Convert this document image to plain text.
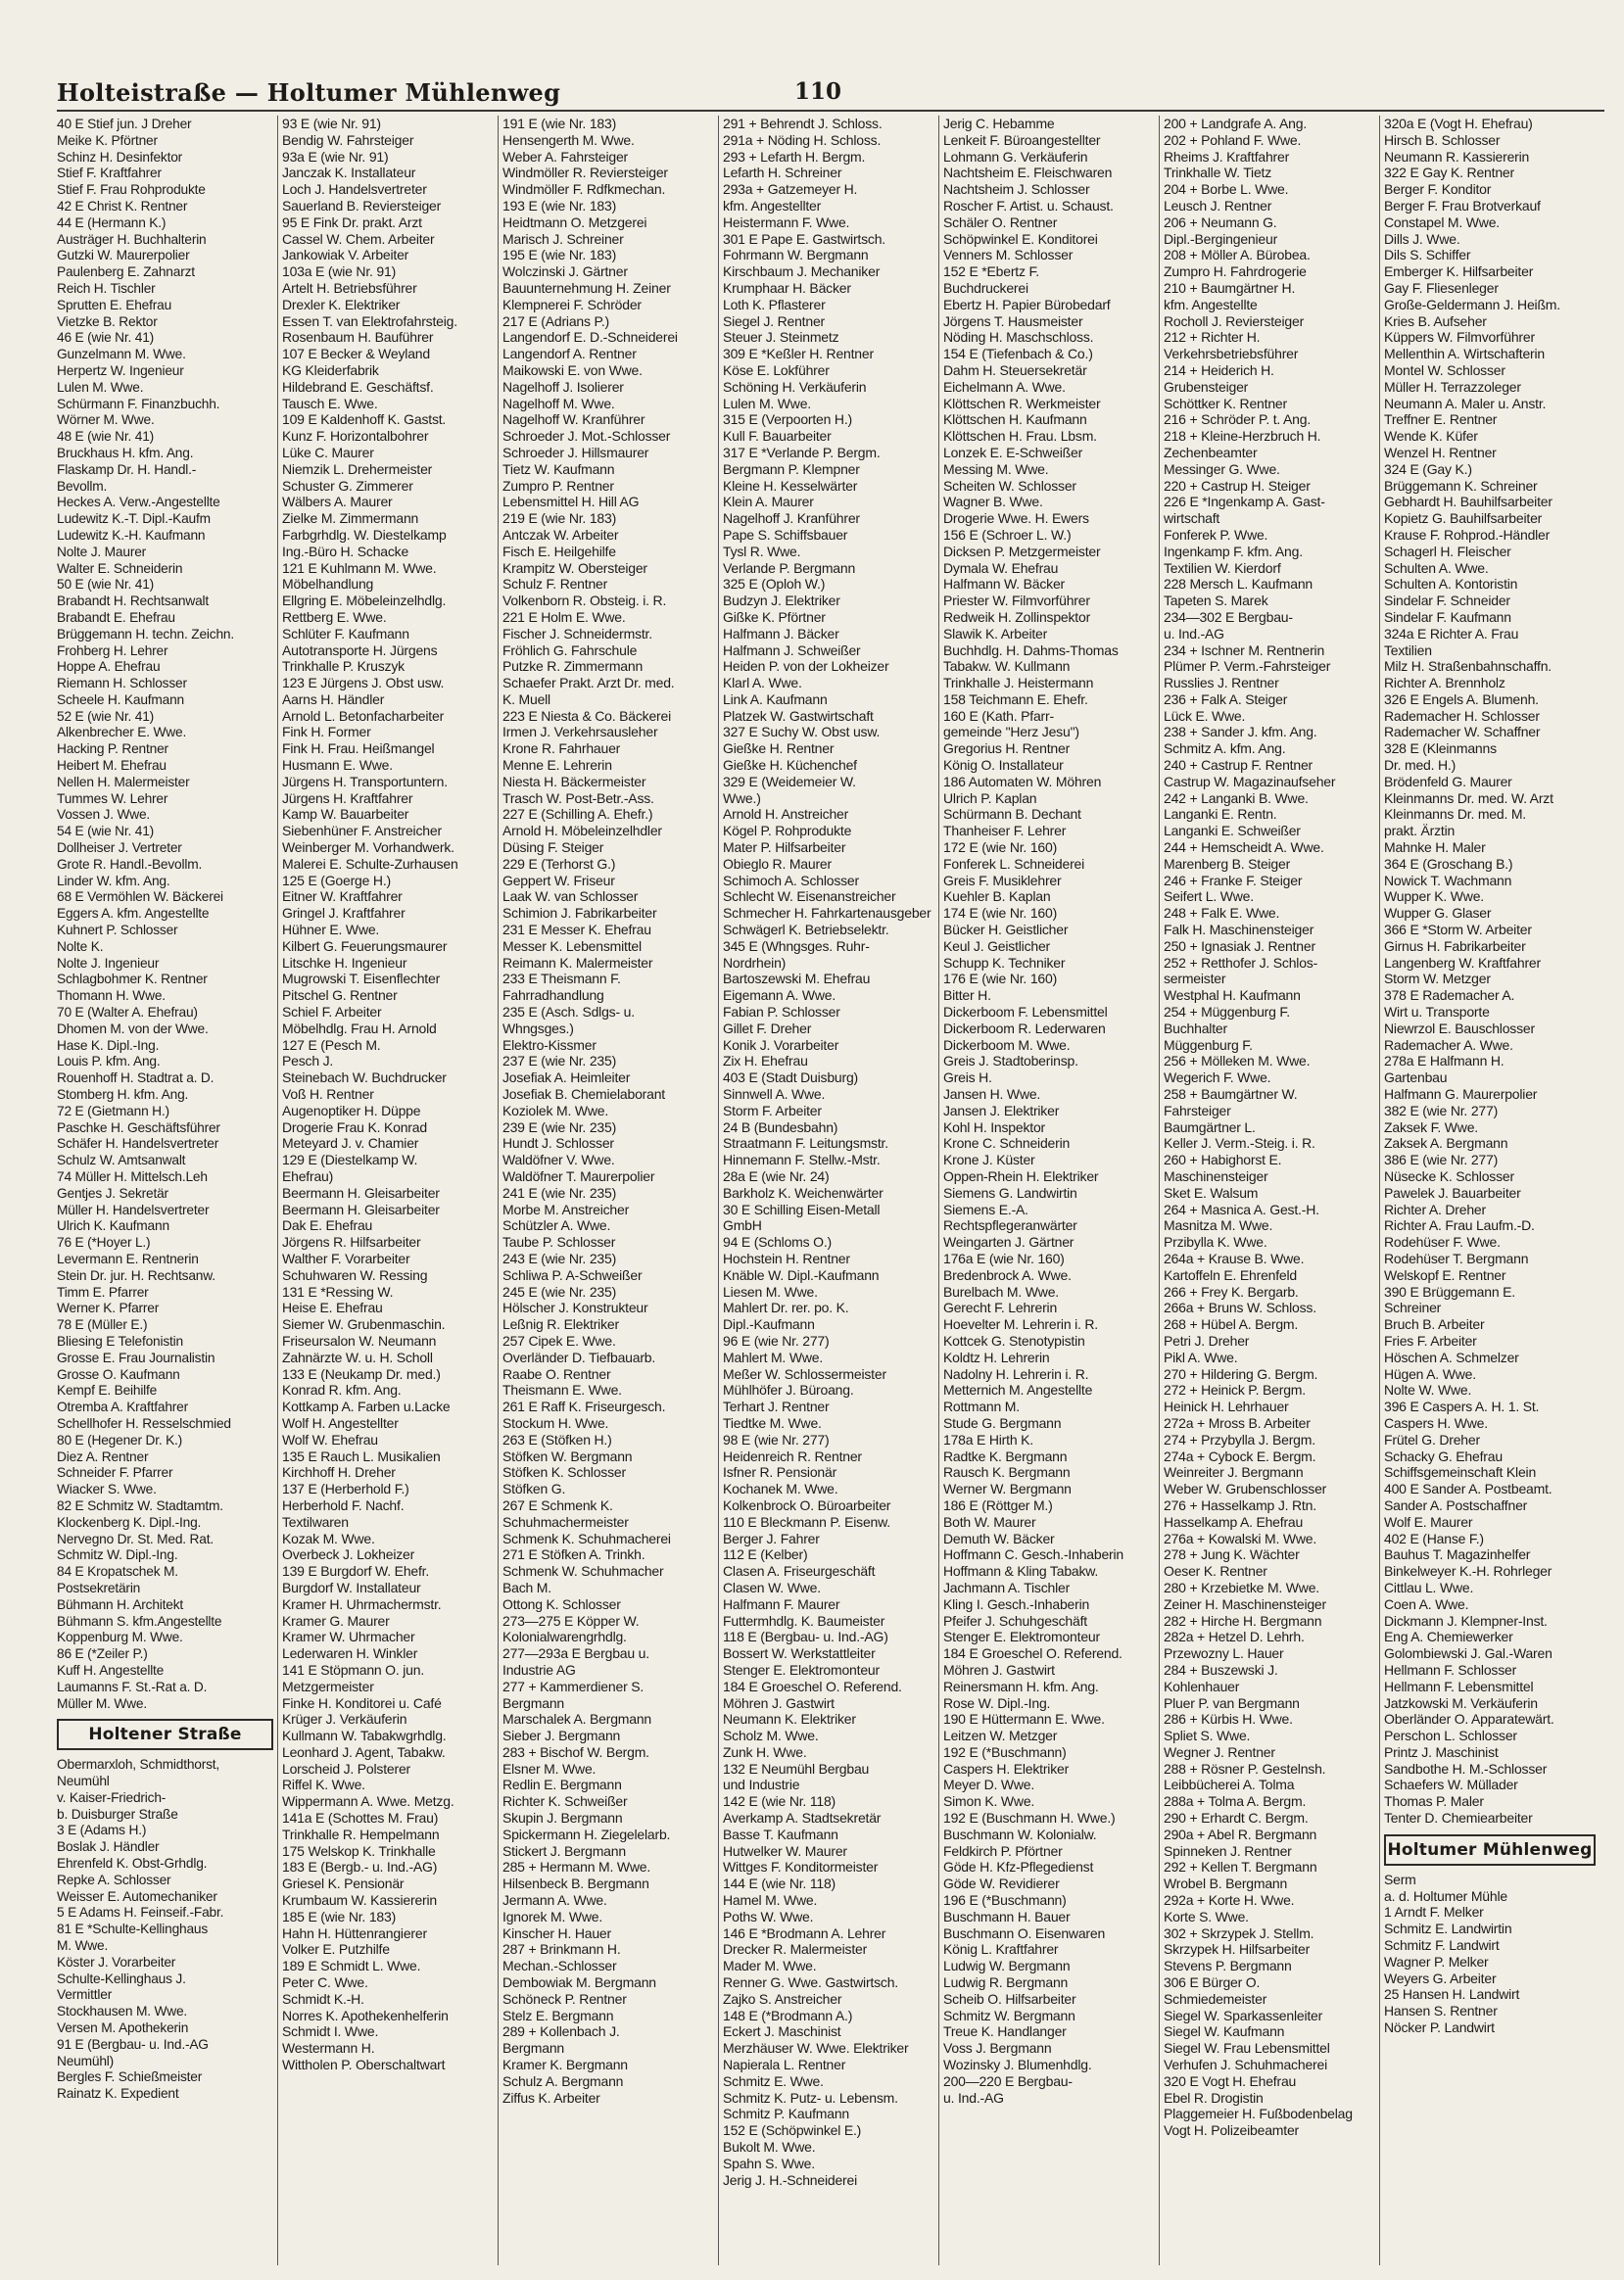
Holteistraße — Holtumer Mühlenweg	110
40 E Stief jun. J Dreher
Meike K. Pförtner
Schinz H. Desinfektor
Stief F. Kraftfahrer
Stief F. Frau Rohprodukte
42 E Christ K. Rentner
44 E (Hermann K.)
Austräger H. Buchhalterin
Gutzki W. Maurerpolier
Paulenberg E. Zahnarzt
Reich H. Tischler
Sprutten E. Ehefrau
Vietzke B. Rektor
46 E (wie Nr. 41)
Gunzelmann M. Wwe.
Herpertz W. Ingenieur
Lulen M. Wwe.
Schürmann F. Finanzbuchh.
Wörner M. Wwe.
48 E (wie Nr. 41)
Bruckhaus H. kfm. Ang.
Flaskamp Dr. H. Handl.-
Bevollm.
Heckes A. Verw.-Angestellte
Ludewitz K.-T. Dipl.-Kaufm
Ludewitz K.-H. Kaufmann
Nolte J. Maurer
Walter E. Schneiderin
50 E (wie Nr. 41)
Brabandt H. Rechtsanwalt
Brabandt E. Ehefrau
Brüggemann H. techn. Zeichn.
Frohberg H. Lehrer
Hoppe A. Ehefrau
Riemann H. Schlosser
Scheele H. Kaufmann
52 E (wie Nr. 41)
Alkenbrecher E. Wwe.
Hacking P. Rentner
Heibert M. Ehefrau
Nellen H. Malermeister
Tummes W. Lehrer
Vossen J. Wwe.
54 E (wie Nr. 41)
Dollheiser J. Vertreter
Grote R. Handl.-Bevollm.
Linder W. kfm. Ang.
68 E Vermöhlen W. Bäckerei
Eggers A. kfm. Angestellte
Kuhnert P. Schlosser
Nolte K.
Nolte J. Ingenieur
Schlagbohmer K. Rentner
Thomann H. Wwe.
70 E (Walter A. Ehefrau)
Dhomen M. von der Wwe.
Hase K. Dipl.-Ing.
Louis P. kfm. Ang.
Rouenhoff H. Stadtrat a. D.
Stomberg H. kfm. Ang.
72 E (Gietmann H.)
Paschke H. Geschäftsführer
Schäfer H. Handelsvertreter
Schulz W. Amtsanwalt
74 Müller H. Mittelsch.Leh
Gentjes J. Sekretär
Müller H. Handelsvertreter
Ulrich K. Kaufmann
76 E (*Hoyer L.)
Levermann E. Rentnerin
Stein Dr. jur. H. Rechtsanw.
Timm E. Pfarrer
Werner K. Pfarrer
78 E (Müller E.)
Bliesing E Telefonistin
Grosse E. Frau Journalistin
Grosse O. Kaufmann
Kempf E. Beihilfe
Otremba A. Kraftfahrer
Schellhofer H. Resselschmied
80 E (Hegener Dr. K.)
Diez A. Rentner
Schneider F. Pfarrer
Wiacker S. Wwe.
82 E Schmitz W. Stadtamtm.
Klockenberg K. Dipl.-Ing.
Nervegno Dr. St. Med. Rat.
Schmitz W. Dipl.-Ing.
84 E Kropatschek M.
Postsekretärin
Bühmann H. Architekt
Bühmann S. kfm.Angestellte
Koppenburg M. Wwe.
86 E (*Zeiler P.)
Kuff H. Angestellte
Laumanns F. St.-Rat a. D.
Müller M. Wwe.
Holtener Straße
Obermarxloh, Schmidthorst,
Neumühl
v. Kaiser-Friedrich-
b. Duisburger Straße
3 E (Adams H.)
Boslak J. Händler
Ehrenfeld K. Obst-Grhdlg.
Repke A. Schlosser
Weisser E. Automechaniker
5 E Adams H. Feinseif.-Fabr.
81 E *Schulte-Kellinghaus
M. Wwe.
Köster J. Vorarbeiter
Schulte-Kellinghaus J.
Vermittler
Stockhausen M. Wwe.
Versen M. Apothekerin
91 E (Bergbau- u. Ind.-AG
Neumühl)
Bergles F. Schießmeister
Rainatz K. Expedient
93 E (wie Nr. 91)
Bendig W. Fahrsteiger
93a E (wie Nr. 91)
Janczak K. Installateur
Loch J. Handelsvertreter
Sauerland B. Reviersteiger
95 E Fink Dr. prakt. Arzt
Cassel W. Chem. Arbeiter
Jankowiak V. Arbeiter
103a E (wie Nr. 91)
Artelt H. Betriebsführer
Drexler K. Elektriker
Essen T. van Elektrofahrsteig.
Rosenbaum H. Bauführer
107 E Becker & Weyland
KG Kleiderfabrik
Hildebrand E. Geschäftsf.
Tausch E. Wwe.
109 E Kaldenhoff K. Gastst.
Kunz F. Horizontalbohrer
Lüke C. Maurer
Niemzik L. Drehermeister
Schuster G. Zimmerer
Wälbers A. Maurer
Zielke M. Zimmermann
Farbgrhdlg. W. Diestelkamp
Ing.-Büro H. Schacke
121 E Kuhlmann M. Wwe.
Möbelhandlung
Ellgring E. Möbeleinzelhdlg.
Rettberg E. Wwe.
Schlüter F. Kaufmann
Autotransporte H. Jürgens
Trinkhalle P. Kruszyk
123 E Jürgens J. Obst usw.
Aarns H. Händler
Arnold L. Betonfacharbeiter
Fink H. Former
Fink H. Frau. Heißmangel
Husmann E. Wwe.
Jürgens H. Transportuntern.
Jürgens H. Kraftfahrer
Kamp W. Bauarbeiter
Siebenhüner F. Anstreicher
Weinberger M. Vorhandwerk.
Malerei E. Schulte-Zurhausen
125 E (Goerge H.)
Eitner W. Kraftfahrer
Gringel J. Kraftfahrer
Hühner E. Wwe.
Kilbert G. Feuerungsmaurer
Litschke H. Ingenieur
Mugrowski T. Eisenflechter
Pitschel G. Rentner
Schiel F. Arbeiter
Möbelhdlg. Frau H. Arnold
127 E (Pesch M.
Pesch J.
Steinebach W. Buchdrucker
Voß H. Rentner
Augenoptiker H. Düppe
Drogerie Frau K. Konrad
Meteyard J. v. Chamier
129 E (Diestelkamp W.
Ehefrau)
Beermann H. Gleisarbeiter
Beermann H. Gleisarbeiter
Dak E. Ehefrau
Jörgens R. Hilfsarbeiter
Walther F. Vorarbeiter
Schuhwaren W. Ressing
131 E *Ressing W.
Heise E. Ehefrau
Siemer W. Grubenmaschin.
Friseursalon W. Neumann
Zahnärzte W. u. H. Scholl
133 E (Neukamp Dr. med.)
Konrad R. kfm. Ang.
Kottkamp A. Farben u.Lacke
Wolf H. Angestellter
Wolf W. Ehefrau
135 E Rauch L. Musikalien
Kirchhoff H. Dreher
137 E (Herberhold F.)
Herberhold F. Nachf.
Textilwaren
Kozak M. Wwe.
Overbeck J. Lokheizer
139 E Burgdorf W. Ehefr.
Burgdorf W. Installateur
Kramer H. Uhrmachermstr.
Kramer G. Maurer
Kramer W. Uhrmacher
Lederwaren H. Winkler
141 E Stöpmann O. jun.
Metzgermeister
Finke H. Konditorei u. Café
Krüger J. Verkäuferin
Kullmann W. Tabakwgrhdlg.
Leonhard J. Agent, Tabakw.
Lorscheid J. Polsterer
Riffel K. Wwe.
Wippermann A. Wwe. Metzg.
141a E (Schottes M. Frau)
Trinkhalle R. Hempelmann
175 Welskop K. Trinkhalle
183 E (Bergb.- u. Ind.-AG)
Griesel K. Pensionär
Krumbaum W. Kassiererin
185 E (wie Nr. 183)
Hahn H. Hüttenrangierer
Volker E. Putzhilfe
189 E Schmidt L. Wwe.
Peter C. Wwe.
Schmidt K.-H.
Norres K. Apothekenhelferin
Schmidt I. Wwe.
Westermann H.
Wittholen P. Oberschaltwart
191 E (wie Nr. 183)
Hensengerth M. Wwe.
Weber A. Fahrsteiger
Windmöller R. Reviersteiger
Windmöller F. Rdfkmechan.
193 E (wie Nr. 183)
Heidtmann O. Metzgerei
Marisch J. Schreiner
195 E (wie Nr. 183)
Wolczinski J. Gärtner
Bauunternehmung H. Zeiner
Klempnerei F. Schröder
217 E (Adrians P.)
Langendorf E. D.-Schneiderei
Langendorf A. Rentner
Maikowski E. von Wwe.
Nagelhoff J. Isolierer
Nagelhoff M. Wwe.
Nagelhoff W. Kranführer
Schroeder J. Mot.-Schlosser
Schroeder J. Hillsmaurer
Tietz W. Kaufmann
Zumpro P. Rentner
Lebensmittel H. Hill AG
219 E (wie Nr. 183)
Antczak W. Arbeiter
Fisch E. Heilgehilfe
Krampitz W. Obersteiger
Schulz F. Rentner
Volkenborn R. Obsteig. i. R.
221 E Holm E. Wwe.
Fischer J. Schneidermstr.
Fröhlich G. Fahrschule
Putzke R. Zimmermann
Schaefer Prakt. Arzt Dr. med.
K. Muell
223 E Niesta & Co. Bäckerei
Irmen J. Verkehrsausleher
Krone R. Fahrhauer
Menne E. Lehrerin
Niesta H. Bäckermeister
Trasch W. Post-Betr.-Ass.
227 E (Schilling A. Ehefr.)
Arnold H. Möbeleinzelhdler
Düsing F. Steiger
229 E (Terhorst G.)
Geppert W. Friseur
Laak W. van Schlosser
Schimion J. Fabrikarbeiter
231 E Messer K. Ehefrau
Messer K. Lebensmittel
Reimann K. Malermeister
233 E Theismann F.
Fahrradhandlung
235 E (Asch. Sdlgs- u.
Whngsges.)
Elektro-Kissmer
237 E (wie Nr. 235)
Josefiak A. Heimleiter
Josefiak B. Chemielaborant
Koziolek M. Wwe.
239 E (wie Nr. 235)
Hundt J. Schlosser
Waldöfner V. Wwe.
Waldöfner T. Maurerpolier
241 E (wie Nr. 235)
Morbe M. Anstreicher
Schützler A. Wwe.
Taube P. Schlosser
243 E (wie Nr. 235)
Schliwa P. A-Schweißer
245 E (wie Nr. 235)
Hölscher J. Konstrukteur
Leßnig R. Elektriker
257 Cipek E. Wwe.
Overländer D. Tiefbauarb.
Raabe O. Rentner
Theismann E. Wwe.
261 E Raff K. Friseurgesch.
Stockum H. Wwe.
263 E (Stöfken H.)
Stöfken W. Bergmann
Stöfken K. Schlosser
Stöfken G.
267 E Schmenk K.
Schuhmachermeister
Schmenk K. Schuhmacherei
271 E Stöfken A. Trinkh.
Schmenk W. Schuhmacher
Bach M.
Ottong K. Schlosser
273—275 E Köpper W.
Kolonialwarengrhdlg.
277—293a E Bergbau u.
Industrie AG
277 + Kammerdiener S.
Bergmann
Marschalek A. Bergmann
Sieber J. Bergmann
283 + Bischof W. Bergm.
Elsner M. Wwe.
Redlin E. Bergmann
Richter K. Schweißer
Skupin J. Bergmann
Spickermann H. Ziegelelarb.
Stickert J. Bergmann
285 + Hermann M. Wwe.
Hilsenbeck B. Bergmann
Jermann A. Wwe.
Ignorek M. Wwe.
Kinscher H. Hauer
287 + Brinkmann H.
Mechan.-Schlosser
Dembowiak M. Bergmann
Schöneck P. Rentner
Stelz E. Bergmann
289 + Kollenbach J.
Bergmann
Kramer K. Bergmann
Schulz A. Bergmann
Ziffus K. Arbeiter
291 + Behrendt J. Schloss.
291a + Nöding H. Schloss.
293 + Lefarth H. Bergm.
Lefarth H. Schreiner
293a + Gatzemeyer H.
kfm. Angestellter
Heistermann F. Wwe.
301 E Pape E. Gastwirtsch.
Fohrmann W. Bergmann
Kirschbaum J. Mechaniker
Krumphaar H. Bäcker
Loth K. Pflasterer
Siegel J. Rentner
Steuer J. Steinmetz
309 E *Keßler H. Rentner
Köse E. Lokführer
Schöning H. Verkäuferin
Lulen M. Wwe.
315 E (Verpoorten H.)
Kull F. Bauarbeiter
317 E *Verlande P. Bergm.
Bergmann P. Klempner
Kleine H. Kesselwärter
Klein A. Maurer
Nagelhoff J. Kranführer
Pape S. Schiffsbauer
Tysl R. Wwe.
Verlande P. Bergmann
325 E (Oploh W.)
Budzyn J. Elektriker
Gißke K. Pförtner
Halfmann J. Bäcker
Halfmann J. Schweißer
Heiden P. von der Lokheizer
Klarl A. Wwe.
Link A. Kaufmann
Platzek W. Gastwirtschaft
327 E Suchy W. Obst usw.
Gießke H. Rentner
Gießke H. Küchenchef
329 E (Weidemeier W.
Wwe.)
Arnold H. Anstreicher
Kögel P. Rohprodukte
Mater P. Hilfsarbeiter
Obieglo R. Maurer
Schimoch A. Schlosser
Schlecht W. Eisenanstreicher
Schmecher H. Fahrkartenausgeber
Schwägerl K. Betriebselektr.
345 E (Whngsges. Ruhr-
Nordrhein)
Bartoszewski M. Ehefrau
Eigemann A. Wwe.
Fabian P. Schlosser
Gillet F. Dreher
Konik J. Vorarbeiter
Zix H. Ehefrau
403 E (Stadt Duisburg)
Sinnwell A. Wwe.
Storm F. Arbeiter
24 B (Bundesbahn)
Straatmann F. Leitungsmstr.
Hinnemann F. Stellw.-Mstr.
28a E (wie Nr. 24)
Barkholz K. Weichenwärter
30 E Schilling Eisen-Metall
GmbH
94 E (Schloms O.)
Hochstein H. Rentner
Knäble W. Dipl.-Kaufmann
Liesen M. Wwe.
Mahlert Dr. rer. po. K.
Dipl.-Kaufmann
96 E (wie Nr. 277)
Mahlert M. Wwe.
Meßer W. Schlossermeister
Mühlhöfer J. Büroang.
Terhart J. Rentner
Tiedtke M. Wwe.
98 E (wie Nr. 277)
Heidenreich R. Rentner
Isfner R. Pensionär
Kochanek M. Wwe.
Kolkenbrock O. Büroarbeiter
110 E Bleckmann P. Eisenw.
Berger J. Fahrer
112 E (Kelber)
Clasen A. Friseurgeschäft
Clasen W. Wwe.
Halfmann F. Maurer
Futtermhdlg. K. Baumeister
118 E (Bergbau- u. Ind.-AG)
Bossert W. Werkstattleiter
Stenger E. Elektromonteur
184 E Groeschel O. Referend.
Möhren J. Gastwirt
Neumann K. Elektriker
Scholz M. Wwe.
Zunk H. Wwe.
132 E Neumühl Bergbau
und Industrie
142 E (wie Nr. 118)
Averkamp A. Stadtsekretär
Basse T. Kaufmann
Hutwelker W. Maurer
Wittges F. Konditormeister
144 E (wie Nr. 118)
Hamel M. Wwe.
Poths W. Wwe.
146 E *Brodmann A. Lehrer
Drecker R. Malermeister
Mader M. Wwe.
Renner G. Wwe. Gastwirtsch.
Zajko S. Anstreicher
148 E (*Brodmann A.)
Eckert J. Maschinist
Merzhäuser W. Wwe. Elektriker
Napierala L. Rentner
Schmitz E. Wwe.
Schmitz K. Putz- u. Lebensm.
Schmitz P. Kaufmann
152 E (Schöpwinkel E.)
Bukolt M. Wwe.
Spahn S. Wwe.
Jerig J. H.-Schneiderei
Jerig C. Hebamme
Lenkeit F. Büroangestellter
Lohmann G. Verkäuferin
Nachtsheim E. Fleischwaren
Nachtsheim J. Schlosser
Roscher F. Artist. u. Schaust.
Schäler O. Rentner
Schöpwinkel E. Konditorei
Venners M. Schlosser
152 E *Ebertz F.
Buchdruckerei
Ebertz H. Papier Bürobedarf
Jörgens T. Hausmeister
Nöding H. Maschschloss.
154 E (Tiefenbach & Co.)
Dahm H. Steuersekretär
Eichelmann A. Wwe.
Klöttschen R. Werkmeister
Klöttschen H. Kaufmann
Klöttschen H. Frau. Lbsm.
Lonzek E. E-Schweißer
Messing M. Wwe.
Scheiten W. Schlosser
Wagner B. Wwe.
Drogerie Wwe. H. Ewers
156 E (Schroer L. W.)
Dicksen P. Metzgermeister
Dymala W. Ehefrau
Halfmann W. Bäcker
Priester W. Filmvorführer
Redweik H. Zollinspektor
Slawik K. Arbeiter
Buchhdlg. H. Dahms-Thomas
Tabakw. W. Kullmann
Trinkhalle J. Heistermann
158 Teichmann E. Ehefr.
160 E (Kath. Pfarr-
gemeinde "Herz Jesu")
Gregorius H. Rentner
König O. Installateur
186 Automaten W. Möhren
Ulrich P. Kaplan
Schürmann B. Dechant
Thanheiser F. Lehrer
172 E (wie Nr. 160)
Fonferek L. Schneiderei
Greis F. Musiklehrer
Kuehler B. Kaplan
174 E (wie Nr. 160)
Bücker H. Geistlicher
Keul J. Geistlicher
Schupp K. Techniker
176 E (wie Nr. 160)
Bitter H.
Dickerboom F. Lebensmittel
Dickerboom R. Lederwaren
Dickerboom M. Wwe.
Greis J. Stadtoberinsp.
Greis H.
Jansen H. Wwe.
Jansen J. Elektriker
Kohl H. Inspektor
Krone C. Schneiderin
Krone J. Küster
Oppen-Rhein H. Elektriker
Siemens G. Landwirtin
Siemens E.-A.
Rechtspflegeranwärter
Weingarten J. Gärtner
176a E (wie Nr. 160)
Bredenbrock A. Wwe.
Burelbach M. Wwe.
Gerecht F. Lehrerin
Hoevelter M. Lehrerin i. R.
Kottcek G. Stenotypistin
Koldtz H. Lehrerin
Nadolny H. Lehrerin i. R.
Metternich M. Angestellte
Rottmann M.
Stude G. Bergmann
178a E Hirth K.
Radtke K. Bergmann
Rausch K. Bergmann
Werner W. Bergmann
186 E (Röttger M.)
Both W. Maurer
Demuth W. Bäcker
Hoffmann C. Gesch.-Inhaberin
Hoffmann & Kling Tabakw.
Jachmann A. Tischler
Kling I. Gesch.-Inhaberin
Pfeifer J. Schuhgeschäft
Stenger E. Elektromonteur
184 E Groeschel O. Referend.
Möhren J. Gastwirt
Reinersmann H. kfm. Ang.
Rose W. Dipl.-Ing.
190 E Hüttermann E. Wwe.
Leitzen W. Metzger
192 E (*Buschmann)
Caspers H. Elektriker
Meyer D. Wwe.
Simon K. Wwe.
192 E (Buschmann H. Wwe.)
Buschmann W. Kolonialw.
Feldkirch P. Pförtner
Göde H. Kfz-Pflegedienst
Göde W. Revidierer
196 E (*Buschmann)
Buschmann H. Bauer
Buschmann O. Eisenwaren
König L. Kraftfahrer
Ludwig W. Bergmann
Ludwig R. Bergmann
Scheib O. Hilfsarbeiter
Schmitz W. Bergmann
Treue K. Handlanger
Voss J. Bergmann
Wozinsky J. Blumenhdlg.
200—220 E Bergbau-
u. Ind.-AG
200 + Landgrafe A. Ang.
202 + Pohland F. Wwe.
Rheims J. Kraftfahrer
Trinkhalle W. Tietz
204 + Borbe L. Wwe.
Leusch J. Rentner
206 + Neumann G.
Dipl.-Bergingenieur
208 + Möller A. Bürobea.
Zumpro H. Fahrdrogerie
210 + Baumgärtner H.
kfm. Angestellte
Rocholl J. Reviersteiger
212 + Richter H.
Verkehrsbetriebsführer
214 + Heiderich H.
Grubensteiger
Schöttker K. Rentner
216 + Schröder P. t. Ang.
218 + Kleine-Herzbruch H.
Zechenbeamter
Messinger G. Wwe.
220 + Castrup H. Steiger
226 E *Ingenkamp A. Gast-
wirtschaft
Fonferek P. Wwe.
Ingenkamp F. kfm. Ang.
Textilien W. Kierdorf
228 Mersch L. Kaufmann
Tapeten S. Marek
234—302 E Bergbau-
u. Ind.-AG
234 + Ischner M. Rentnerin
Plümer P. Verm.-Fahrsteiger
Russlies J. Rentner
236 + Falk A. Steiger
Lück E. Wwe.
238 + Sander J. kfm. Ang.
Schmitz A. kfm. Ang.
240 + Castrup F. Rentner
Castrup W. Magazinaufseher
242 + Langanki B. Wwe.
Langanki E. Rentn.
Langanki E. Schweißer
244 + Hemscheidt A. Wwe.
Marenberg B. Steiger
246 + Franke F. Steiger
Seifert L. Wwe.
248 + Falk E. Wwe.
Falk H. Maschinensteiger
250 + Ignasiak J. Rentner
252 + Retthofer J. Schlos-
sermeister
Westphal H. Kaufmann
254 + Müggenburg F.
Buchhalter
Müggenburg F.
256 + Mölleken M. Wwe.
Wegerich F. Wwe.
258 + Baumgärtner W.
Fahrsteiger
Baumgärtner L.
Keller J. Verm.-Steig. i. R.
260 + Habighorst E.
Maschinensteiger
Sket E. Walsum
264 + Masnica A. Gest.-H.
Masnitza M. Wwe.
Przibylla K. Wwe.
264a + Krause B. Wwe.
Kartoffeln E. Ehrenfeld
266 + Frey K. Bergarb.
266a + Bruns W. Schloss.
268 + Hübel A. Bergm.
Petri J. Dreher
Pikl A. Wwe.
270 + Hildering G. Bergm.
272 + Heinick P. Bergm.
Heinick H. Lehrhauer
272a + Mross B. Arbeiter
274 + Przybylla J. Bergm.
274a + Cybock E. Bergm.
Weinreiter J. Bergmann
Weber W. Grubenschlosser
276 + Hasselkamp J. Rtn.
Hasselkamp A. Ehefrau
276a + Kowalski M. Wwe.
278 + Jung K. Wächter
Oeser K. Rentner
280 + Krzebietke M. Wwe.
Zeiner H. Maschinensteiger
282 + Hirche H. Bergmann
282a + Hetzel D. Lehrh.
Przewozny L. Hauer
284 + Buszewski J.
Kohlenhauer
Pluer P. van Bergmann
286 + Kürbis H. Wwe.
Spliet S. Wwe.
Wegner J. Rentner
288 + Rösner P. Gestelnsh.
Leibbücherei A. Tolma
288a + Tolma A. Bergm.
290 + Erhardt C. Bergm.
290a + Abel R. Bergmann
Spinneken J. Rentner
292 + Kellen T. Bergmann
Wrobel B. Bergmann
292a + Korte H. Wwe.
Korte S. Wwe.
302 + Skrzypek J. Stellm.
Skrzypek H. Hilfsarbeiter
Stevens P. Bergmann
306 E Bürger O.
Schmiedemeister
Siegel W. Sparkassenleiter
Siegel W. Kaufmann
Siegel W. Frau Lebensmittel
Verhufen J. Schuhmacherei
320 E Vogt H. Ehefrau
Ebel R. Drogistin
Plaggemeier H. Fußbodenbelag
Vogt H. Polizeibeamter
320a E (Vogt H. Ehefrau)
Hirsch B. Schlosser
Neumann R. Kassiererin
322 E Gay K. Rentner
Berger F. Konditor
Berger F. Frau Brotverkauf
Constapel M. Wwe.
Dills J. Wwe.
Dils S. Schiffer
Emberger K. Hilfsarbeiter
Gay F. Fliesenleger
Große-Geldermann J. Heißm.
Kries B. Aufseher
Küppers W. Filmvorführer
Mellenthin A. Wirtschafterin
Montel W. Schlosser
Müller H. Terrazzoleger
Neumann A. Maler u. Anstr.
Treffner E. Rentner
Wende K. Küfer
Wenzel H. Rentner
324 E (Gay K.)
Brüggemann K. Schreiner
Gebhardt H. Bauhilfsarbeiter
Kopietz G. Bauhilfsarbeiter
Krause F. Rohprod.-Händler
Schagerl H. Fleischer
Schulten A. Wwe.
Schulten A. Kontoristin
Sindelar F. Schneider
Sindelar F. Kaufmann
324a E Richter A. Frau
Textilien
Milz H. Straßenbahnschaffn.
Richter A. Brennholz
326 E Engels A. Blumenh.
Rademacher H. Schlosser
Rademacher W. Schaffner
328 E (Kleinmanns
Dr. med. H.)
Brödenfeld G. Maurer
Kleinmanns Dr. med. W. Arzt
Kleinmanns Dr. med. M.
prakt. Ärztin
Mahnke H. Maler
364 E (Groschang B.)
Nowick T. Wachmann
Wupper K. Wwe.
Wupper G. Glaser
366 E *Storm W. Arbeiter
Girnus H. Fabrikarbeiter
Langenberg W. Kraftfahrer
Storm W. Metzger
378 E Rademacher A.
Wirt u. Transporte
Niewrzol E. Bauschlosser
Rademacher A. Wwe.
278a E Halfmann H.
Gartenbau
Halfmann G. Maurerpolier
382 E (wie Nr. 277)
Zaksek F. Wwe.
Zaksek A. Bergmann
386 E (wie Nr. 277)
Nüsecke K. Schlosser
Pawelek J. Bauarbeiter
Richter A. Dreher
Richter A. Frau Laufm.-D.
Rodehüser F. Wwe.
Rodehüser T. Bergmann
Welskopf E. Rentner
390 E Brüggemann E.
Schreiner
Bruch B. Arbeiter
Fries F. Arbeiter
Höschen A. Schmelzer
Hügen A. Wwe.
Nolte W. Wwe.
396 E Caspers A. H. 1. St.
Caspers H. Wwe.
Frütel G. Dreher
Schacky G. Ehefrau
Schiffsgemeinschaft Klein
400 E Sander A. Postbeamt.
Sander A. Postschaffner
Wolf E. Maurer
402 E (Hanse F.)
Bauhus T. Magazinhelfer
Binkelweyer K.-H. Rohrleger
Cittlau L. Wwe.
Coen A. Wwe.
Dickmann J. Klempner-Inst.
Eng A. Chemiewerker
Golombiewski J. Gal.-Waren
Hellmann F. Schlosser
Hellmann F. Lebensmittel
Jatzkowski M. Verkäuferin
Oberländer O. Apparatewärt.
Perschon L. Schlosser
Printz J. Maschinist
Sandbothe H. M.-Schlosser
Schaefers W. Müllader
Thomas P. Maler
Tenter D. Chemiearbeiter
Holtumer Mühlenweg
Serm
a. d. Holtumer Mühle
1 Arndt F. Melker
Schmitz E. Landwirtin
Schmitz F. Landwirt
Wagner P. Melker
Weyers G. Arbeiter
25 Hansen H. Landwirt
Hansen S. Rentner
Nöcker P. Landwirt
